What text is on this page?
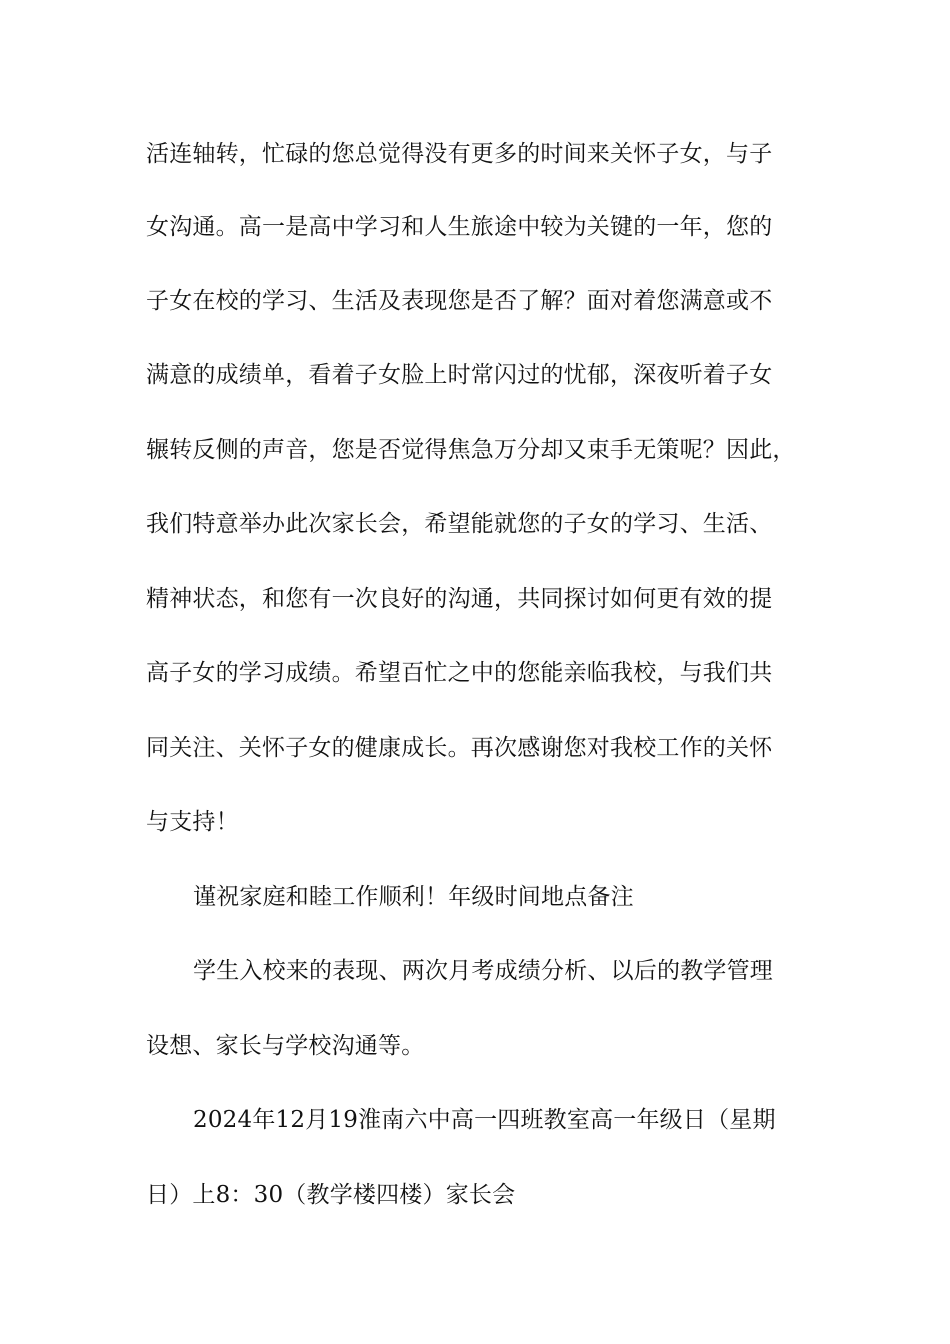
活连轴转，忙碌的您总觉得没有更多的时间来关怀子女，与子
女沟通。高一是高中学习和人生旅途中较为关键的一年，您的
子女在校的学习、生活及表现您是否了解？面对着您满意或不
满意的成绩单，看着子女脸上时常闪过的忧郁，深夜听着子女
辗转反侧的声音，您是否觉得焦急万分却又束手无策呢？因此，
我们特意举办此次家长会，希望能就您的子女的学习、生活、
精神状态，和您有一次良好的沟通，共同探讨如何更有效的提
高子女的学习成绩。希望百忙之中的您能亲临我校，与我们共
同关注、关怀子女的健康成长。再次感谢您对我校工作的关怀
与支持！
谨祝家庭和睦工作顺利！年级时间地点备注
学生入校来的表现、两次月考成绩分析、以后的教学管理
设想、家长与学校沟通等。
2024年12月19淮南六中高一四班教室高一年级日（星期
日）上8：30（教学楼四楼）家长会
